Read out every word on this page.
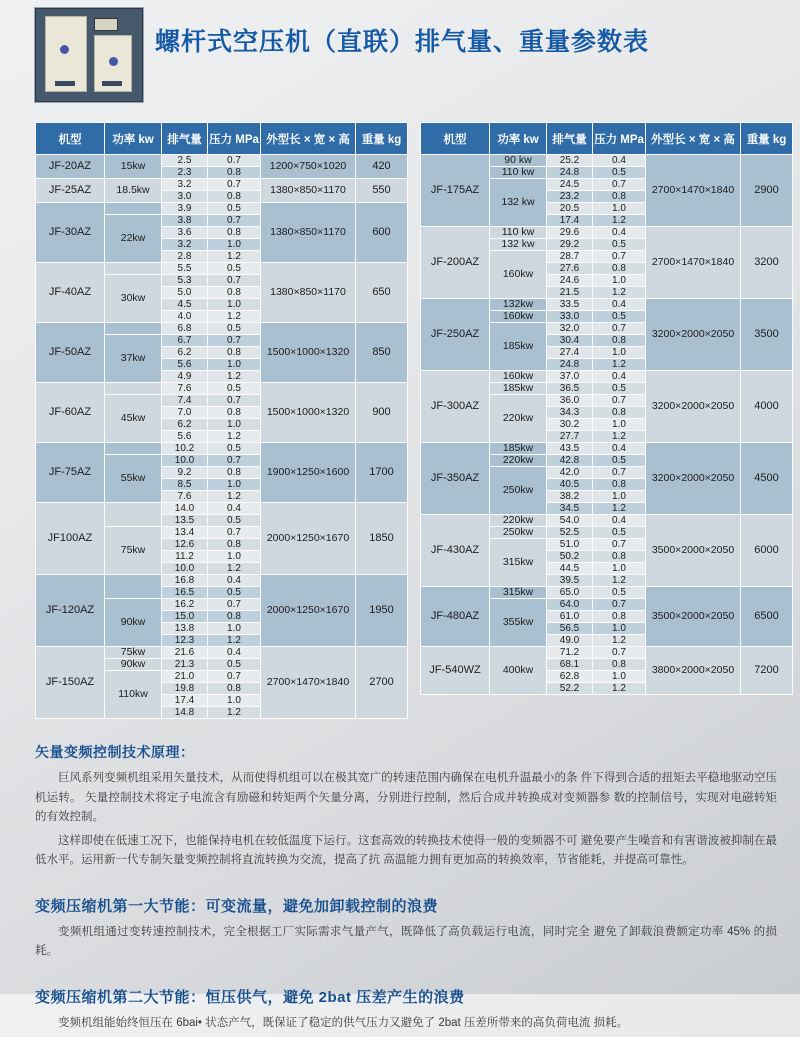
螺杆式空压机（直联）排气量、重量参数表
机型	功率 kw	排气量	压力 MPa	外型长 × 宽 × 高	重量 kg
JF-20AZ	15kw	2.5	0.7	1200×750×1020	420
		2.3	0.8		
JF-25AZ	18.5kw	3.2	0.7	1380×850×1170	550
		3.0	0.8		
JF-30AZ		3.9	0.5	1380×850×1170	600
	22kw	3.8	0.7		
		3.6	0.8		
		3.2	1.0		
		2.8	1.2		
JF-40AZ		5.5	0.5	1380×850×1170	650
	30kw	5.3	0.7		
		5.0	0.8		
		4.5	1.0		
		4.0	1.2		
JF-50AZ		6.8	0.5	1500×1000×1320	850
	37kw	6.7	0.7		
		6.2	0.8		
		5.6	1.0		
		4.9	1.2		
JF-60AZ		7.6	0.5	1500×1000×1320	900
	45kw	7.4	0.7		
		7.0	0.8		
		6.2	1.0		
		5.6	1.2		
JF-75AZ		10.2	0.5	1900×1250×1600	1700
	55kw	10.0	0.7		
		9.2	0.8		
		8.5	1.0		
		7.6	1.2		
JF100AZ		14.0	0.4	2000×1250×1670	1850
		13.5	0.5		
	75kw	13.4	0.7		
		12.6	0.8		
		11.2	1.0		
		10.0	1.2		
JF-120AZ		16.8	0.4	2000×1250×1670	1950
		16.5	0.5		
	90kw	16.2	0.7		
		15.0	0.8		
		13.8	1.0		
		12.3	1.2		
JF-150AZ	75kw	21.6	0.4	2700×1470×1840	2700
	90kw	21.3	0.5		
	110kw	21.0	0.7		
		19.8	0.8		
		17.4	1.0		
		14.8	1.2		
机型	功率 kw	排气量	压力 MPa	外型长 × 宽 × 高	重量 kg
JF-175AZ	90 kw	25.2	0.4	2700×1470×1840	2900
	110 kw	24.8	0.5		
	132 kw	24.5	0.7		
		23.2	0.8		
		20.5	1.0		
		17.4	1.2		
JF-200AZ	110 kw	29.6	0.4	2700×1470×1840	3200
	132 kw	29.2	0.5		
	160kw	28.7	0.7		
		27.6	0.8		
		24.6	1.0		
		21.5	1.2		
JF-250AZ	132kw	33.5	0.4	3200×2000×2050	3500
	160kw	33.0	0.5		
	185kw	32.0	0.7		
		30.4	0.8		
		27.4	1.0		
		24.8	1.2		
JF-300AZ	160kw	37.0	0.4	3200×2000×2050	4000
	185kw	36.5	0.5		
	220kw	36.0	0.7		
		34.3	0.8		
		30.2	1.0		
		27.7	1.2		
JF-350AZ	185kw	43.5	0.4	3200×2000×2050	4500
	220kw	42.8	0.5		
	250kw	42.0	0.7		
		40.5	0.8		
		38.2	1.0		
		34.5	1.2		
JF-430AZ	220kw	54.0	0.4	3500×2000×2050	6000
	250kw	52.5	0.5		
	315kw	51.0	0.7		
		50.2	0.8		
		44.5	1.0		
		39.5	1.2		
JF-480AZ	315kw	65.0	0.5	3500×2000×2050	6500
	355kw	64.0	0.7		
		61.0	0.8		
		56.5	1.0		
		49.0	1.2		
JF-540WZ	400kw	71.2	0.7	3800×2000×2050	7200
		68.1	0.8		
		62.8	1.0		
		52.2	1.2		
矢量变频控制技术原理：

巨风系列变频机组采用矢量技术，从而使得机组可以在极其宽广的转速范围内确保在电机升温最小的条 件下得到合适的扭矩去平稳地驱动空压机运转。 矢量控制技术将定子电流含有励磁和转矩两个矢量分离，分别进行控制，然后合成并转换成对变频器参 数的控制信号，实现对电磁转矩的有效控制。

这样即使在低速工况下，也能保持电机在较低温度下运行。这套高效的转换技术使得一般的变频器不可 避免要产生噪音和有害谐波被抑制在最低水平。运用新一代专制矢量变频控制将直流转换为交流，提高了抗 高温能力拥有更加高的转换效率，节省能耗，并提高可靠性。

变频压缩机第一大节能：可变流量，避免加卸载控制的浪费

变频机组通过变转速控制技术，完全根据工厂实际需求气量产气，既降低了高负载运行电流，同时完全 避免了卸载浪费额定功率 45% 的损耗。

变频压缩机第二大节能：恒压供气，避免 2bat 压差产生的浪费

变频机组能始终恒压在 6bai• 状态产气，既保证了稳定的供气压力又避免了 2bat 压差所带来的高负荷电流 损耗。
